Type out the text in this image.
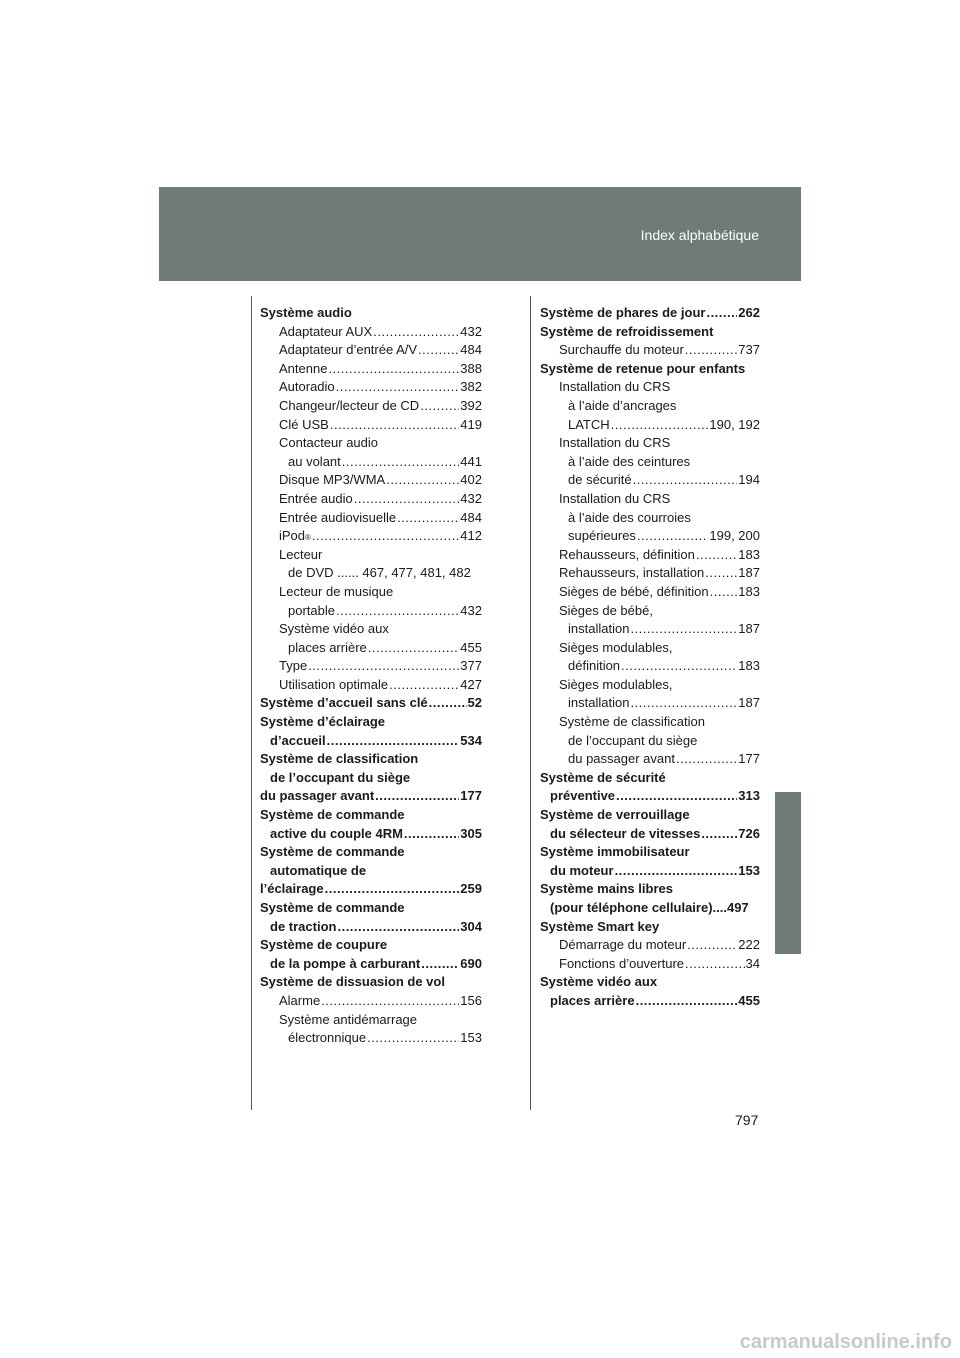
Index alphabétique
Système audio
Adaptateur AUX .....	432
Adaptateur d’entrée A/V .....	484
Antenne .....	388
Autoradio .....	382
Changeur/lecteur de CD .....	392
Clé USB .....	419
Contacteur audio
au volant .....	441
Disque MP3/WMA .....	402
Entrée audio .....	432
Entrée audiovisuelle .....	484
iPod ® .....	412
Lecteur
de DVD ...... 467, 477, 481, 482
Lecteur de musique
portable .....	432
Système vidéo aux
places arrière .....	455
Type .....	377
Utilisation optimale .....	427
Système d’accueil sans clé .....	52
Système d’éclairage
d’accueil .....	534
Système de classification
de l’occupant du siège
du passager avant .....	177
Système de commande
active du couple 4RM .....	305
Système de commande
automatique de
l’éclairage .....	259
Système de commande
de traction .....	304
Système de coupure
de la pompe à carburant .....	690
Système de dissuasion de vol
Alarme .....	156
Système antidémarrage
électronnique .....	153
Système de phares de jour .....	262
Système de refroidissement
Surchauffe du moteur .....	737
Système de retenue pour enfants
Installation du CRS
à l’aide d’ancrages
LATCH .....	190, 192
Installation du CRS
à l’aide des ceintures
de sécurité .....	194
Installation du CRS
à l’aide des courroies
supérieures .....	199, 200
Rehausseurs, définition .....	183
Rehausseurs, installation .....	187
Sièges de bébé, définition ..... 183
Sièges de bébé,
installation .....	187
Sièges modulables,
définition .....	183
Sièges modulables,
installation .....	187
Système de classification
de l’occupant du siège
du passager avant .....	177
Système de sécurité
préventive .....	313
Système de verrouillage
du sélecteur de vitesses .....	726
Système immobilisateur
du moteur .....	153
Système mains libres
(pour téléphone cellulaire)....497
Système Smart key
Démarrage du moteur .....	222
Fonctions d’ouverture .....	34
Système vidéo aux
places arrière .....	455
797
carmanualsonline.info
